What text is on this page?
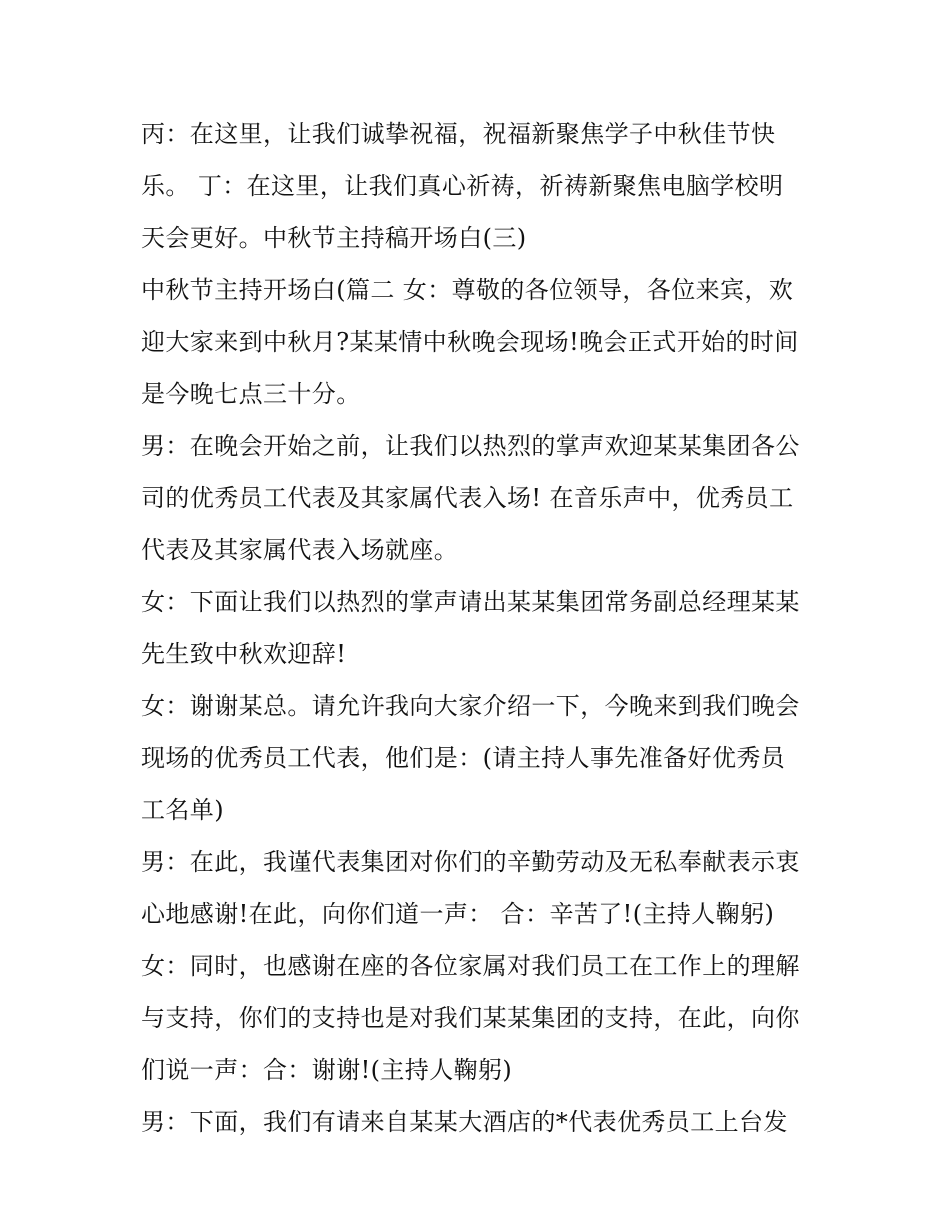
丙：在这里，让我们诚挚祝福，祝福新聚焦学子中秋佳节快
乐。 丁：在这里，让我们真心祈祷，祈祷新聚焦电脑学校明
天会更好。中秋节主持稿开场白(三)
中秋节主持开场白(篇二 女：尊敬的各位领导，各位来宾，欢
迎大家来到中秋月?某某情中秋晚会现场!晚会正式开始的时间
是今晚七点三十分。
男：在晚会开始之前，让我们以热烈的掌声欢迎某某集团各公
司的优秀员工代表及其家属代表入场! 在音乐声中，优秀员工
代表及其家属代表入场就座。
女：下面让我们以热烈的掌声请出某某集团常务副总经理某某
先生致中秋欢迎辞!
女：谢谢某总。请允许我向大家介绍一下，今晚来到我们晚会
现场的优秀员工代表，他们是：(请主持人事先准备好优秀员
工名单)
男：在此，我谨代表集团对你们的辛勤劳动及无私奉献表示衷
心地感谢!在此，向你们道一声： 合：辛苦了!(主持人鞠躬)
女：同时，也感谢在座的各位家属对我们员工在工作上的理解
与支持，你们的支持也是对我们某某集团的支持，在此，向你
们说一声：合：谢谢!(主持人鞠躬)
男：下面，我们有请来自某某大酒店的*代表优秀员工上台发
